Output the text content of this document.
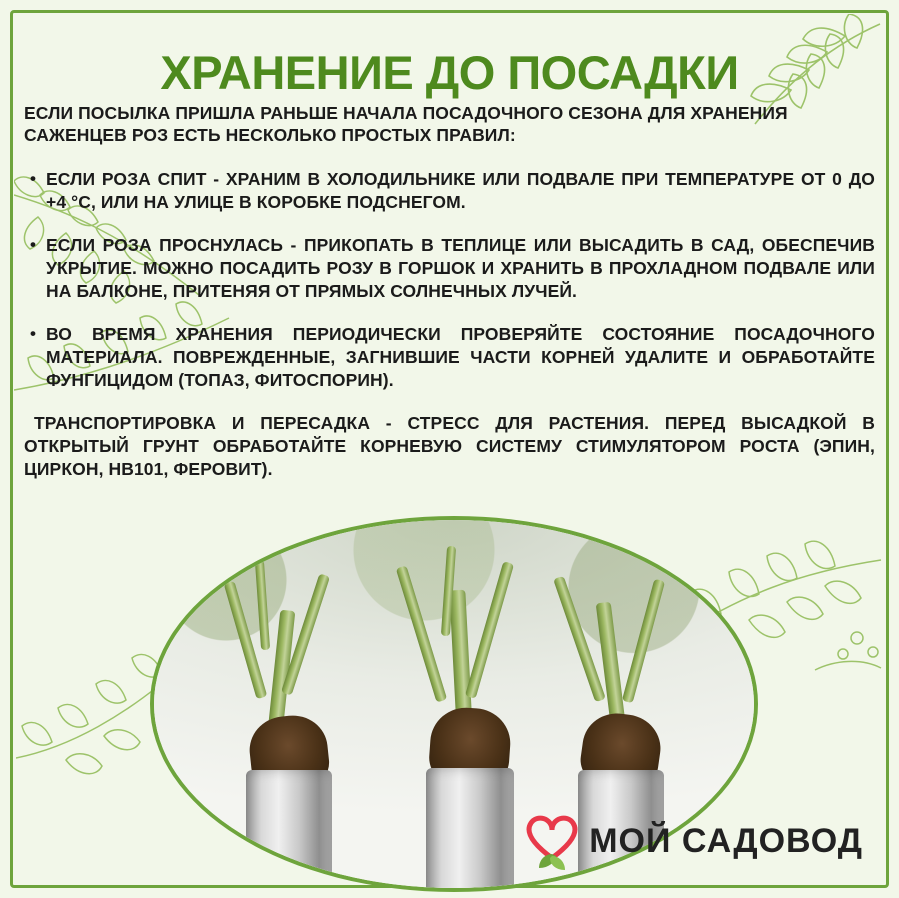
ХРАНЕНИЕ ДО ПОСАДКИ

ЕСЛИ ПОСЫЛКА ПРИШЛА РАНЬШЕ НАЧАЛА ПОСАДОЧНОГО СЕЗОНА ДЛЯ ХРАНЕНИЯ САЖЕНЦЕВ РОЗ ЕСТЬ НЕСКОЛЬКО ПРОСТЫХ ПРАВИЛ:

• ЕСЛИ РОЗА СПИТ - ХРАНИМ В ХОЛОДИЛЬНИКЕ ИЛИ ПОДВАЛЕ ПРИ ТЕМПЕРАТУРЕ ОТ 0 ДО +4 °C, ИЛИ НА УЛИЦЕ В КОРОБКЕ ПОДСНЕГОМ.
• ЕСЛИ РОЗА ПРОСНУЛАСЬ - ПРИКОПАТЬ В ТЕПЛИЦЕ ИЛИ ВЫСАДИТЬ В САД, ОБЕСПЕЧИВ УКРЫТИЕ. МОЖНО ПОСАДИТЬ РОЗУ В ГОРШОК И ХРАНИТЬ В ПРОХЛАДНОМ ПОДВАЛЕ ИЛИ НА БАЛКОНЕ, ПРИТЕНЯЯ ОТ ПРЯМЫХ СОЛНЕЧНЫХ ЛУЧЕЙ.
• ВО ВРЕМЯ ХРАНЕНИЯ ПЕРИОДИЧЕСКИ ПРОВЕРЯЙТЕ СОСТОЯНИЕ ПОСАДОЧНОГО МАТЕРИАЛА. ПОВРЕЖДЕННЫЕ, ЗАГНИВШИЕ ЧАСТИ КОРНЕЙ УДАЛИТЕ И ОБРАБОТАЙТЕ ФУНГИЦИДОМ (ТОПАЗ, ФИТОСПОРИН).

ТРАНСПОРТИРОВКА И ПЕРЕСАДКА - СТРЕСС ДЛЯ РАСТЕНИЯ. ПЕРЕД ВЫСАДКОЙ В ОТКРЫТЫЙ ГРУНТ ОБРАБОТАЙТЕ КОРНЕВУЮ СИСТЕМУ СТИМУЛЯТОРОМ РОСТА (ЭПИН, ЦИРКОН, НВ101, ФЕРОВИТ).

МОЙ САДОВОД
